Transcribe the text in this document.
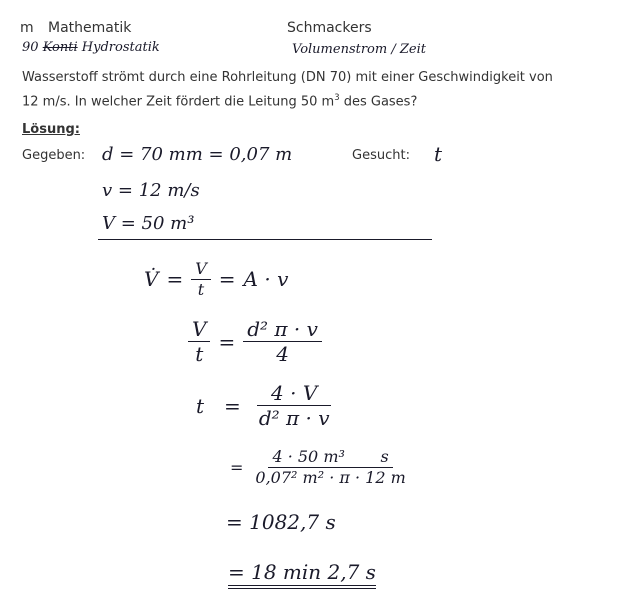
m Mathematik	Schmackers
90 Konti Hydrostatik	Volumenstrom / Zeit
Wasserstoff strömt durch eine Rohrleitung (DN 70) mit einer Geschwindigkeit von
12 m/s. In welcher Zeit fördert die Leitung 50 $m^3$ des Gases?
Lösung:
Gegeben: d = 70 mm = 0,07 m	Gesucht: t
v = 12 m/s
V = 50 m³
V̇ = $\frac{V}{t} = A \cdot v$
$\frac{V}{t} = \frac{\text{d² π · v}}{4}$
$t = \frac{4 \cdot V}{\text{d² π · v}}$
= $\frac{\text{4 · 50 m³       s}}{\text{0,07² m² · π · 12 m}}$
= 1082,7 s
= 18 min 2,7 s
